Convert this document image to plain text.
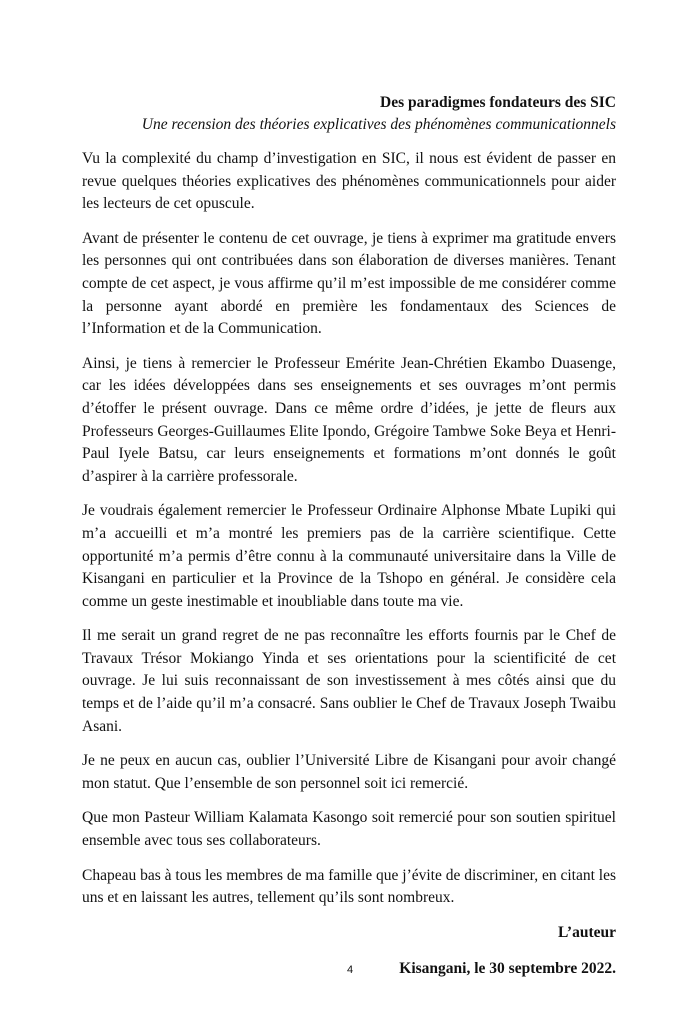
Des paradigmes fondateurs des SIC

Une recension des théories explicatives des phénomènes communicationnels

Vu la complexité du champ d’investigation en SIC, il nous est évident de passer en revue quelques théories explicatives des phénomènes communicationnels pour aider les lecteurs de cet opuscule.

Avant de présenter le contenu de cet ouvrage, je tiens à exprimer ma gratitude envers les personnes qui ont contribuées dans son élaboration de diverses manières. Tenant compte de cet aspect, je vous affirme qu’il m’est impossible de me considérer comme la personne ayant abordé en première les fondamentaux des Sciences de l’Information et de la Communication.

Ainsi, je tiens à remercier le Professeur Emérite Jean-Chrétien Ekambo Duasenge, car les idées développées dans ses enseignements et ses ouvrages m’ont permis d’étoffer le présent ouvrage. Dans ce même ordre d’idées, je jette de fleurs aux Professeurs Georges-Guillaumes Elite Ipondo, Grégoire Tambwe Soke Beya et Henri-Paul Iyele Batsu, car leurs enseignements et formations m’ont donnés le goût d’aspirer à la carrière professorale.

Je voudrais également remercier le Professeur Ordinaire Alphonse Mbate Lupiki qui m’a accueilli et m’a montré les premiers pas de la carrière scientifique. Cette opportunité m’a permis d’être connu à la communauté universitaire dans la Ville de Kisangani en particulier et la Province de la Tshopo en général. Je considère cela comme un geste inestimable et inoubliable dans toute ma vie.

Il me serait un grand regret de ne pas reconnaître les efforts fournis par le Chef de Travaux Trésor Mokiango Yinda et ses orientations pour la scientificité de cet ouvrage. Je lui suis reconnaissant de son investissement à mes côtés ainsi que du temps et de l’aide qu’il m’a consacré. Sans oublier le Chef de Travaux Joseph Twaibu Asani.

Je ne peux en aucun cas, oublier l’Université Libre de Kisangani pour avoir changé mon statut. Que l’ensemble de son personnel soit ici remercié.

Que mon Pasteur William Kalamata Kasongo soit remercié pour son soutien spirituel ensemble avec tous ses collaborateurs.

Chapeau bas à tous les membres de ma famille que j’évite de discriminer, en citant les uns et en laissant les autres, tellement qu’ils sont nombreux.

L’auteur

Kisangani, le 30 septembre 2022.

4
